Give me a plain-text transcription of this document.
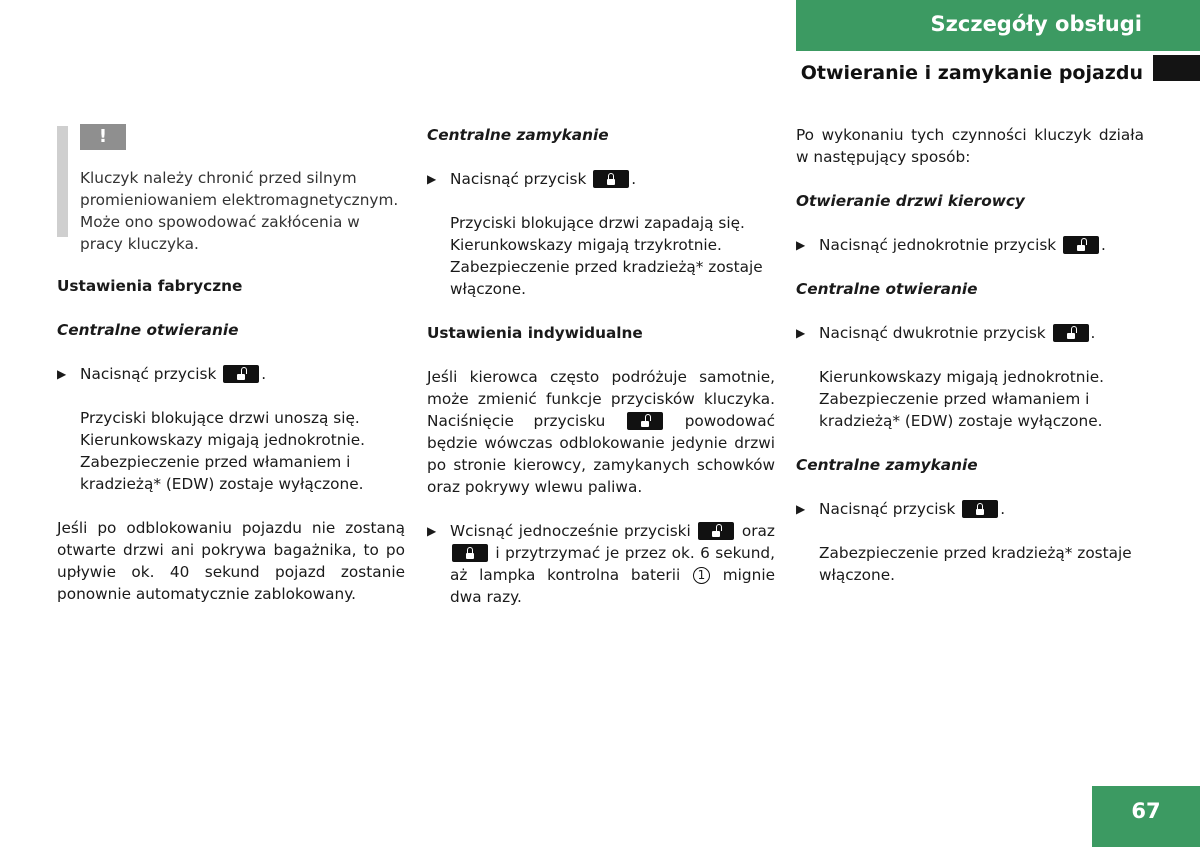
Szczegóły obsługi
Otwieranie i zamykanie pojazdu
!

Kluczyk należy chronić przed silnym promieniowaniem elektromagnetycznym. Może ono spowodować zakłócenia w pracy kluczyka.

Ustawienia fabryczne
Centralne otwieranie
▶ Nacisnąć przycisk	.
Przyciski blokujące drzwi unoszą się. Kierunkowskazy migają jednokrotnie. Zabezpieczenie przed włamaniem i kradzieżą* (EDW) zostaje wyłączone.
Jeśli po odblokowaniu pojazdu nie zostaną otwarte drzwi ani pokrywa bagażnika, to po upływie ok. 40 sekund pojazd zostanie ponownie automatycznie zablokowany.
Centralne zamykanie
▶ Nacisnąć przycisk	.
Przyciski blokujące drzwi zapadają się. Kierunkowskazy migają trzykrotnie. Zabezpieczenie przed kradzieżą* zostaje włączone.
Ustawienia indywidualne
Jeśli kierowca często podróżuje samotnie, może zmienić funkcje przycisków kluczyka. Naciśnięcie przycisku	powodować będzie wówczas odblokowanie jedynie drzwi po stronie kierowcy, zamykanych schowków oraz pokrywy wlewu paliwa.
▶ Wcisnąć jednocześnie przyciski	oraz  i przytrzymać je przez ok. 6 sekund, aż lampka kontrolna baterii 1 mignie dwa razy.
Po wykonaniu tych czynności kluczyk działa w następujący sposób:
Otwieranie drzwi kierowcy
▶ Nacisnąć jednokrotnie przycisk	.
Centralne otwieranie
▶ Nacisnąć dwukrotnie przycisk	.
Kierunkowskazy migają jednokrotnie. Zabezpieczenie przed włamaniem i kradzieżą* (EDW) zostaje wyłączone.
Centralne zamykanie
▶ Nacisnąć przycisk	.
Zabezpieczenie przed kradzieżą* zostaje włączone.
67
